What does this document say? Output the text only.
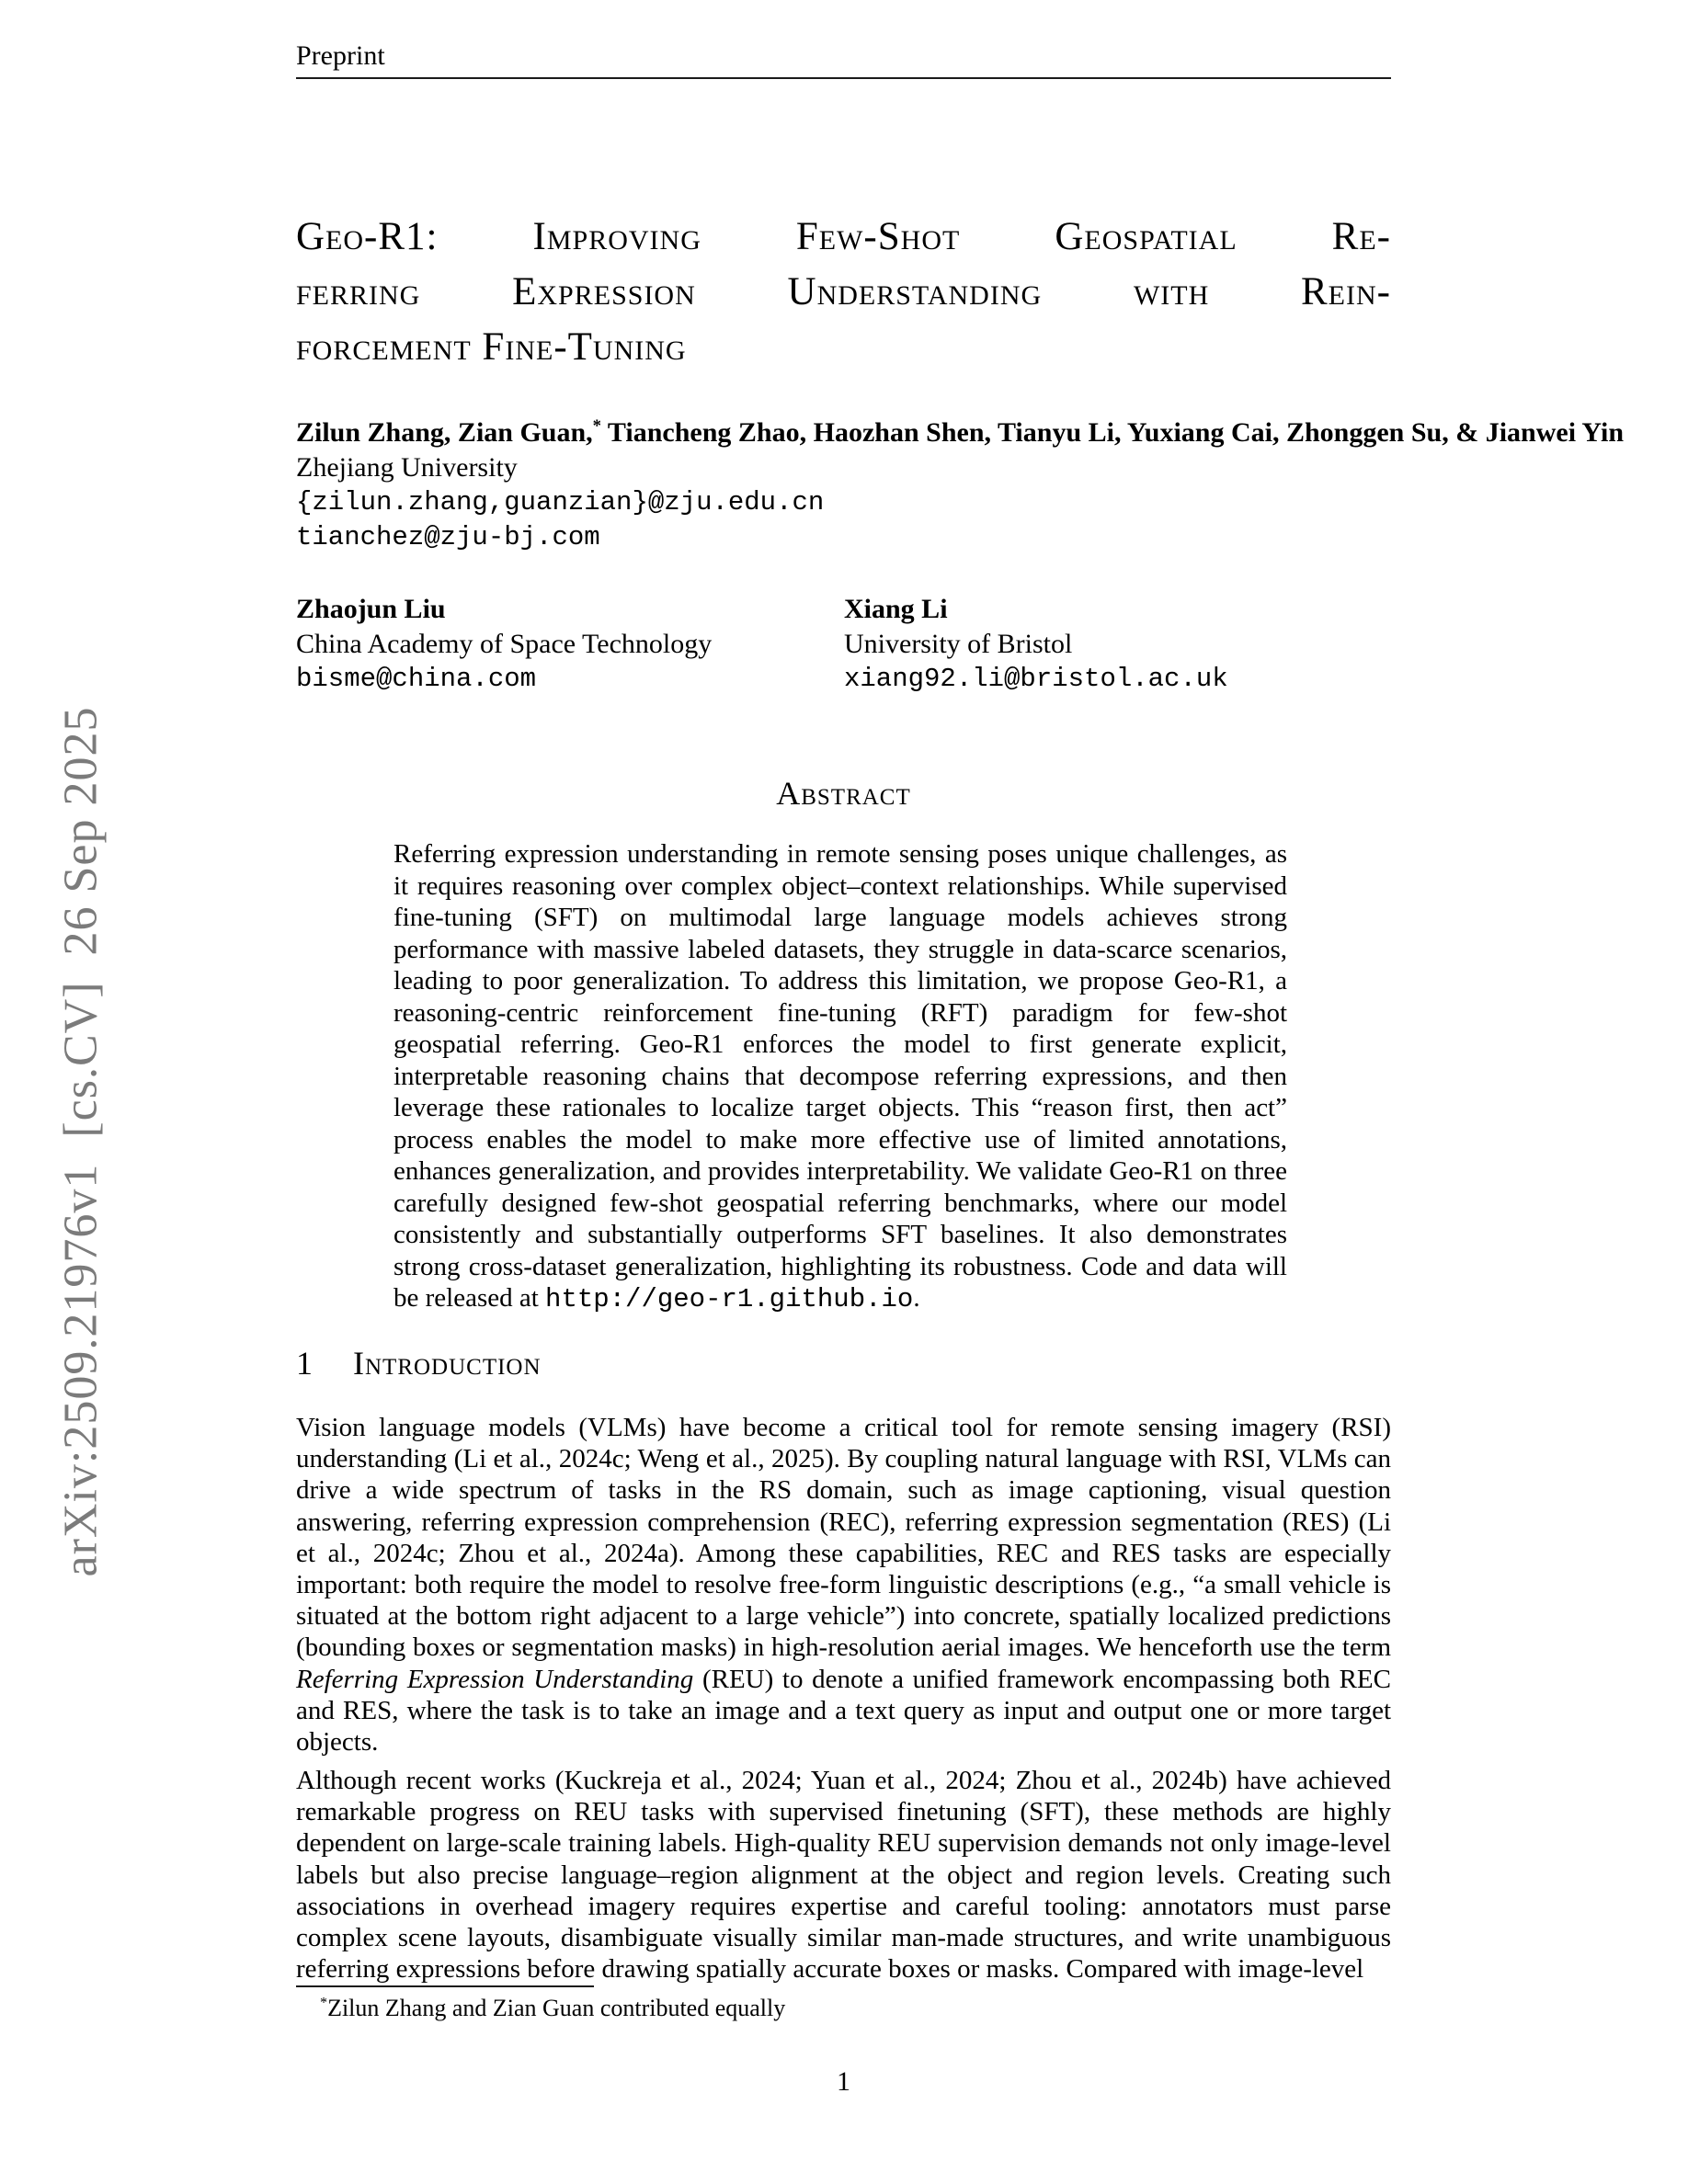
Preprint
arXiv:2509.21976v1  [cs.CV]  26 Sep 2025
Geo-R1: Improving Few-Shot Geospatial Re-
ferring Expression Understanding with Rein-
forcement Fine-Tuning
Zilun Zhang, Zian Guan,* Tiancheng Zhao, Haozhan Shen, Tianyu Li, Yuxiang Cai, Zhonggen Su, & Jianwei Yin
Zhejiang University
{zilun.zhang,guanzian}@zju.edu.cn
tianchez@zju-bj.com
Zhaojun Liu
China Academy of Space Technology
bisme@china.com
Xiang Li
University of Bristol
xiang92.li@bristol.ac.uk
Abstract
Referring expression understanding in remote sensing poses unique challenges, as it requires reasoning over complex object–context relationships. While supervised fine-tuning (SFT) on multimodal large language models achieves strong performance with massive labeled datasets, they struggle in data-scarce scenarios, leading to poor generalization. To address this limitation, we propose Geo-R1, a reasoning-centric reinforcement fine-tuning (RFT) paradigm for few-shot geospatial referring. Geo-R1 enforces the model to first generate explicit, interpretable reasoning chains that decompose referring expressions, and then leverage these rationales to localize target objects. This “reason first, then act” process enables the model to make more effective use of limited annotations, enhances generalization, and provides interpretability. We validate Geo-R1 on three carefully designed few-shot geospatial referring benchmarks, where our model consistently and substantially outperforms SFT baselines. It also demonstrates strong cross-dataset generalization, highlighting its robustness. Code and data will be released at http://geo-r1.github.io.
1 Introduction
Vision language models (VLMs) have become a critical tool for remote sensing imagery (RSI) understanding (Li et al., 2024c; Weng et al., 2025). By coupling natural language with RSI, VLMs can drive a wide spectrum of tasks in the RS domain, such as image captioning, visual question answering, referring expression comprehension (REC), referring expression segmentation (RES) (Li et al., 2024c; Zhou et al., 2024a). Among these capabilities, REC and RES tasks are especially important: both require the model to resolve free-form linguistic descriptions (e.g., “a small vehicle is situated at the bottom right adjacent to a large vehicle”) into concrete, spatially localized predictions (bounding boxes or segmentation masks) in high-resolution aerial images. We henceforth use the term Referring Expression Understanding (REU) to denote a unified framework encompassing both REC and RES, where the task is to take an image and a text query as input and output one or more target objects.
Although recent works (Kuckreja et al., 2024; Yuan et al., 2024; Zhou et al., 2024b) have achieved remarkable progress on REU tasks with supervised finetuning (SFT), these methods are highly dependent on large-scale training labels. High-quality REU supervision demands not only image-level labels but also precise language–region alignment at the object and region levels. Creating such associations in overhead imagery requires expertise and careful tooling: annotators must parse complex scene layouts, disambiguate visually similar man-made structures, and write unambiguous referring expressions before drawing spatially accurate boxes or masks. Compared with image-level
*Zilun Zhang and Zian Guan contributed equally
1
